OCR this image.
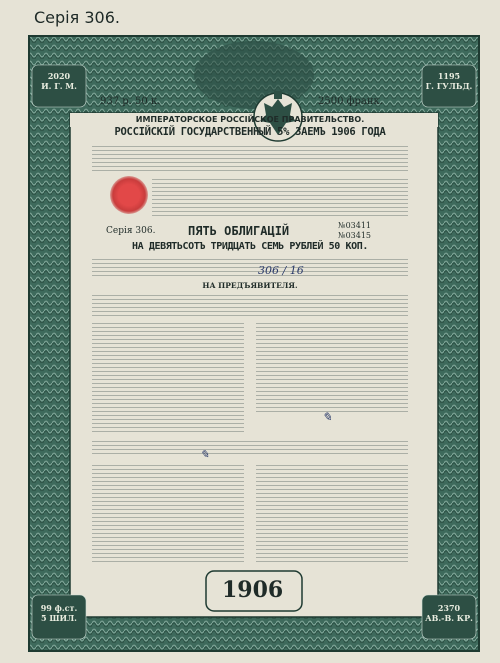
Серія 306.
2020
И. Г. М.
1195
Г. ГУЛЬД.
99 ф.ст.
5 ШИЛ.
2370
АВ.-В. КР.
1906
937 р. 50 к.	2500 франк.
ИМПЕРАТОРСКОЕ РОССІЙСКОЕ ПРАВИТЕЛЬСТВО.
РОССІЙСКІЙ ГОСУДАРСТВЕННЫЙ 5% ЗАЕМЪ 1906 ГОДА
Серія 306.	ПЯТЬ ОБЛИГАЦІЙ	№03411
№03415
НА ДЕВЯТЬСОТЪ ТРИДЦАТЬ СЕМЬ РУБЛЕЙ 50 КОП.
306 / 16
НА ПРЕДЪЯВИТЕЛЯ.
✎
✎
